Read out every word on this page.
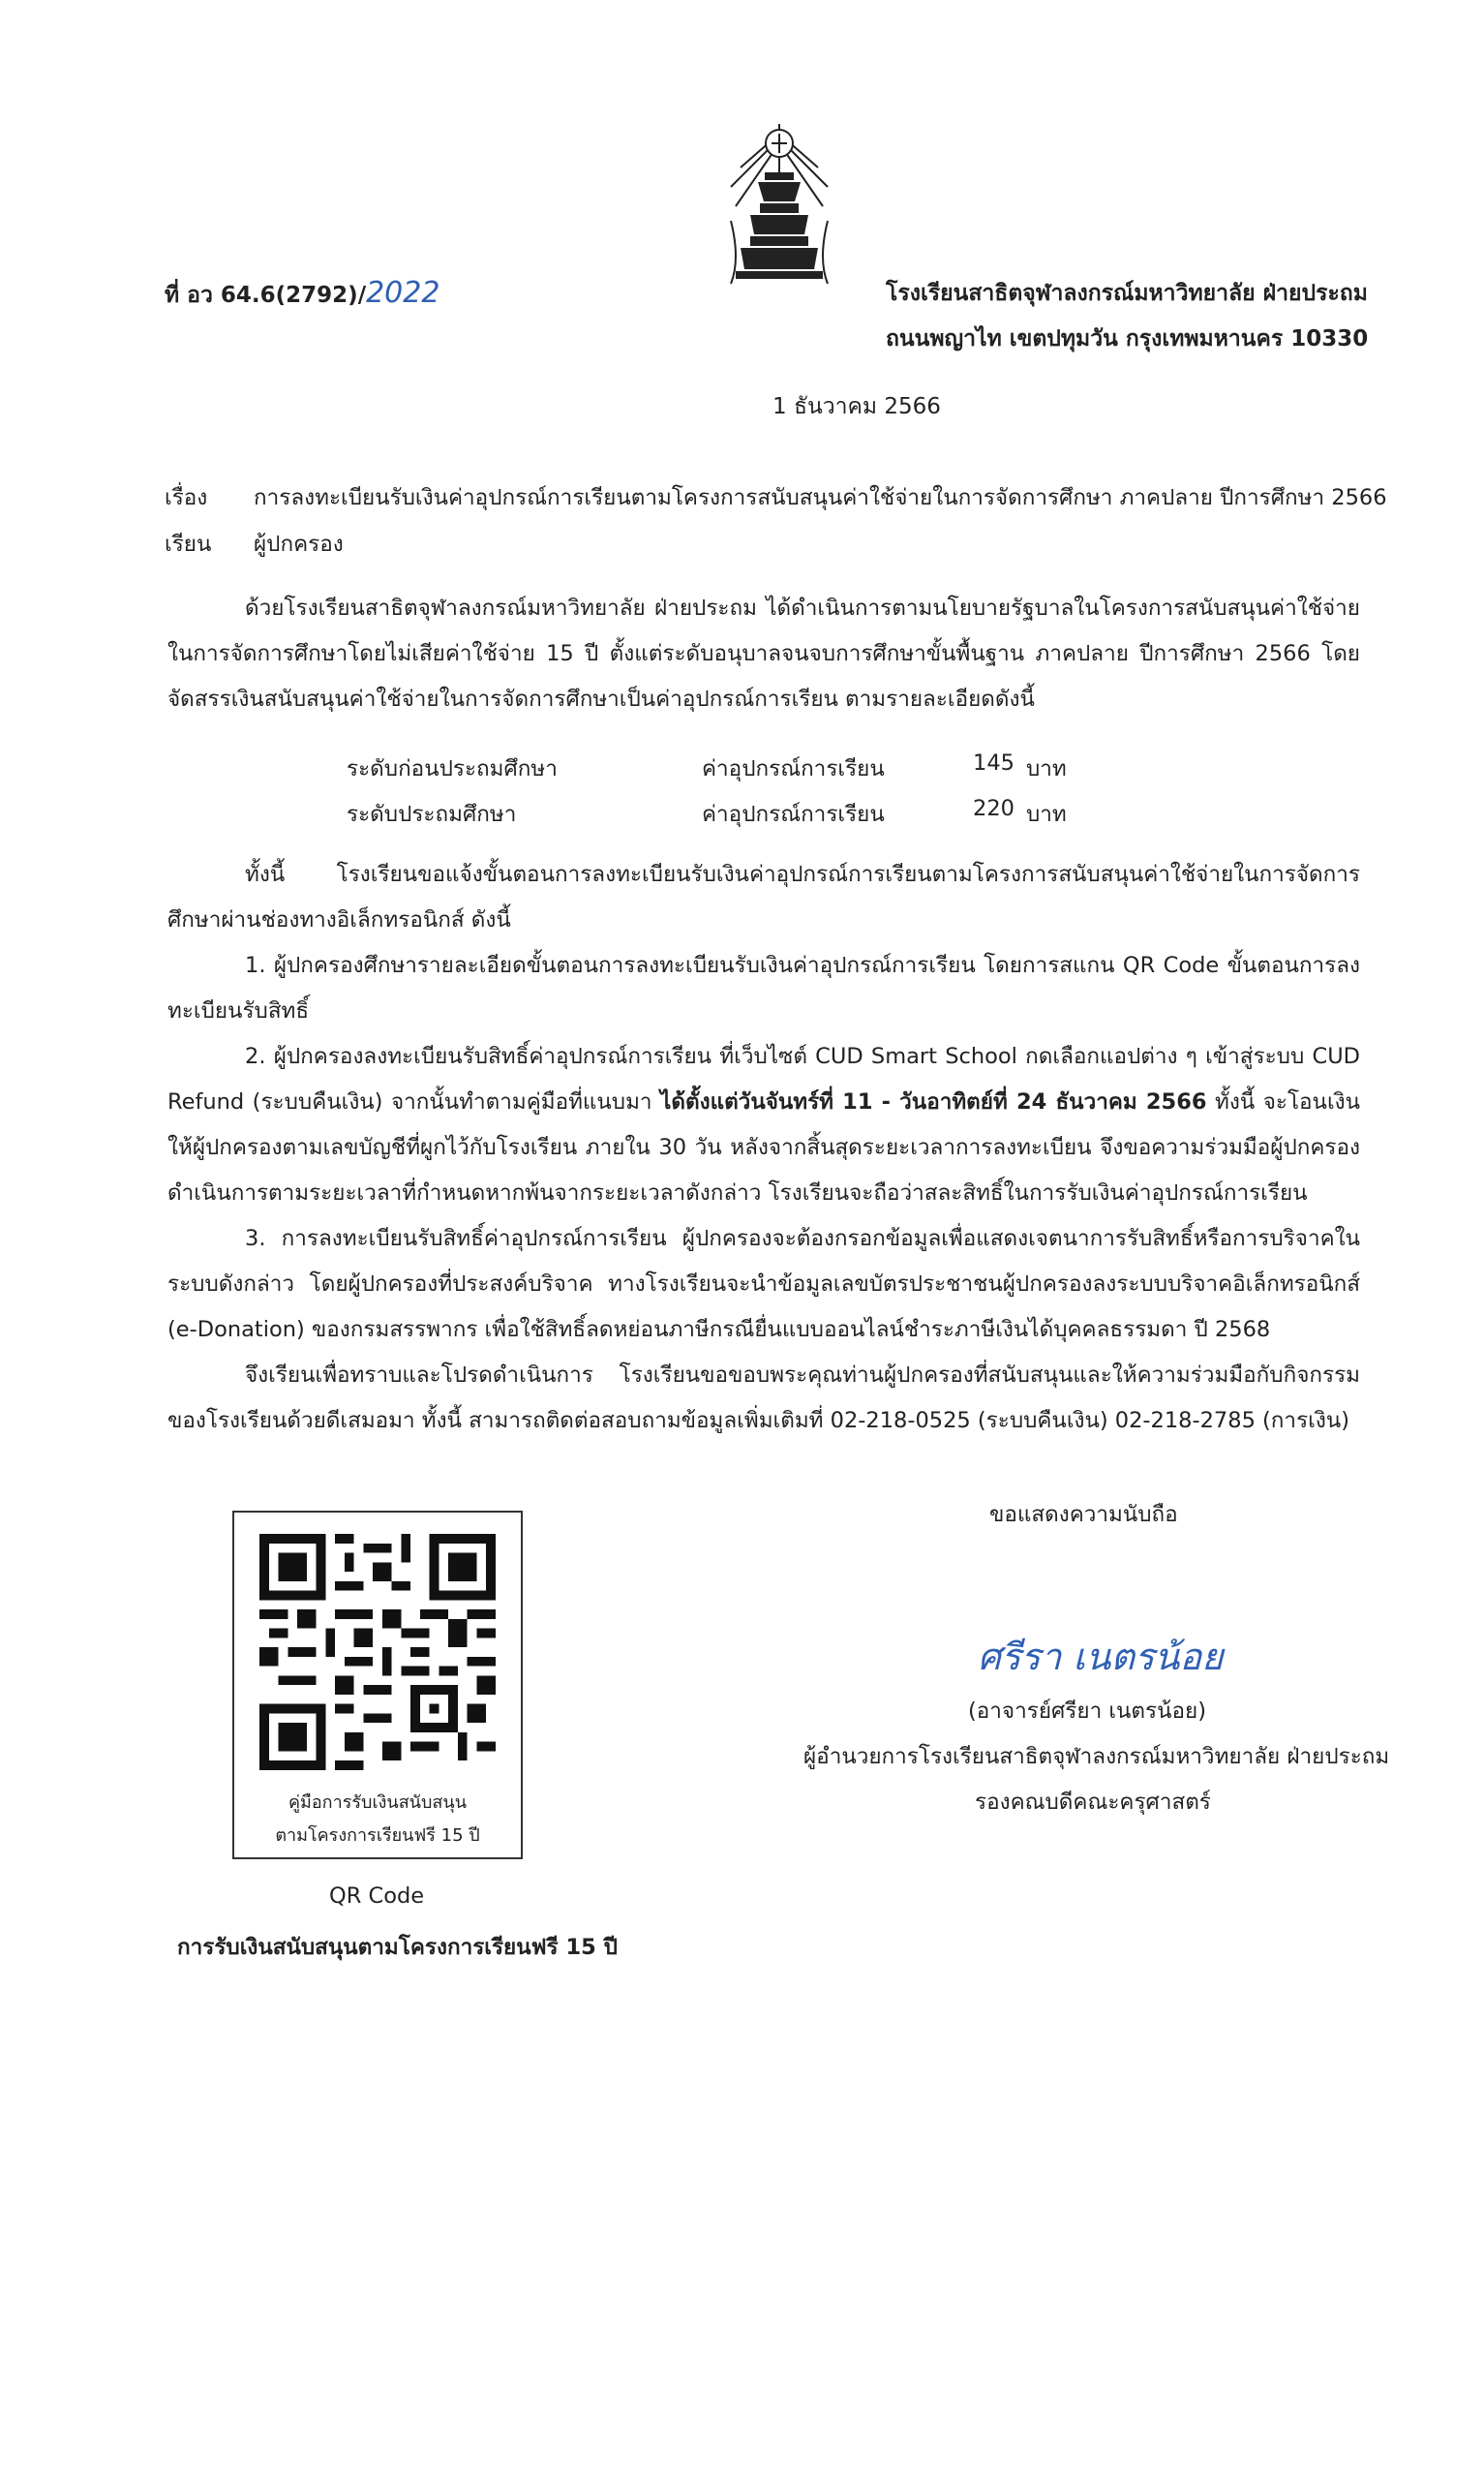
ที่ อว 64.6(2792)/2022	โรงเรียนสาธิตจุฬาลงกรณ์มหาวิทยาลัย ฝ่ายประถม
ถนนพญาไท เขตปทุมวัน กรุงเทพมหานคร 10330
1 ธันวาคม 2566
เรื่อง การลงทะเบียนรับเงินค่าอุปกรณ์การเรียนตามโครงการสนับสนุนค่าใช้จ่ายในการจัดการศึกษา ภาคปลาย ปีการศึกษา 2566
เรียน ผู้ปกครอง

ด้วยโรงเรียนสาธิตจุฬาลงกรณ์มหาวิทยาลัย ฝ่ายประถม ได้ดำเนินการตามนโยบายรัฐบาลในโครงการสนับสนุนค่าใช้จ่ายในการจัดการศึกษาโดยไม่เสียค่าใช้จ่าย 15 ปี ตั้งแต่ระดับอนุบาลจนจบการศึกษาขั้นพื้นฐาน ภาคปลาย ปีการศึกษา 2566 โดยจัดสรรเงินสนับสนุนค่าใช้จ่ายในการจัดการศึกษาเป็นค่าอุปกรณ์การเรียน ตามรายละเอียดดังนี้

ระดับก่อนประถมศึกษา	ค่าอุปกรณ์การเรียน	145 บาท
ระดับประถมศึกษา	ค่าอุปกรณ์การเรียน	220 บาท

ทั้งนี้ โรงเรียนขอแจ้งขั้นตอนการลงทะเบียนรับเงินค่าอุปกรณ์การเรียนตามโครงการสนับสนุนค่าใช้จ่ายในการจัดการศึกษาผ่านช่องทางอิเล็กทรอนิกส์ ดังนี้

1. ผู้ปกครองศึกษารายละเอียดขั้นตอนการลงทะเบียนรับเงินค่าอุปกรณ์การเรียน โดยการสแกน QR Code ขั้นตอนการลงทะเบียนรับสิทธิ์

2. ผู้ปกครองลงทะเบียนรับสิทธิ์ค่าอุปกรณ์การเรียน ที่เว็บไซต์ CUD Smart School กดเลือกแอปต่าง ๆ เข้าสู่ระบบ CUD Refund (ระบบคืนเงิน) จากนั้นทำตามคู่มือที่แนบมา ได้ตั้งแต่วันจันทร์ที่ 11 - วันอาทิตย์ที่ 24 ธันวาคม 2566 ทั้งนี้ จะโอนเงินให้ผู้ปกครองตามเลขบัญชีที่ผูกไว้กับโรงเรียน ภายใน 30 วัน หลังจากสิ้นสุดระยะเวลาการลงทะเบียน จึงขอความร่วมมือผู้ปกครองดำเนินการตามระยะเวลาที่กำหนดหากพ้นจากระยะเวลาดังกล่าว โรงเรียนจะถือว่าสละสิทธิ์ในการรับเงินค่าอุปกรณ์การเรียน

3. การลงทะเบียนรับสิทธิ์ค่าอุปกรณ์การเรียน ผู้ปกครองจะต้องกรอกข้อมูลเพื่อแสดงเจตนาการรับสิทธิ์หรือการบริจาคในระบบดังกล่าว โดยผู้ปกครองที่ประสงค์บริจาค ทางโรงเรียนจะนำข้อมูลเลขบัตรประชาชนผู้ปกครองลงระบบบริจาคอิเล็กทรอนิกส์ (e-Donation) ของกรมสรรพากร เพื่อใช้สิทธิ์ลดหย่อนภาษีกรณียื่นแบบออนไลน์ชำระภาษีเงินได้บุคคลธรรมดา ปี 2568

จึงเรียนเพื่อทราบและโปรดดำเนินการ โรงเรียนขอขอบพระคุณท่านผู้ปกครองที่สนับสนุนและให้ความร่วมมือกับกิจกรรมของโรงเรียนด้วยดีเสมอมา ทั้งนี้ สามารถติดต่อสอบถามข้อมูลเพิ่มเติมที่ 02-218-0525 (ระบบคืนเงิน) 02-218-2785 (การเงิน)

ขอแสดงความนับถือ
ศรีรา เนตรน้อย
(อาจารย์ศรียา เนตรน้อย)
ผู้อำนวยการโรงเรียนสาธิตจุฬาลงกรณ์มหาวิทยาลัย ฝ่ายประถม
รองคณบดีคณะครุศาสตร์
คู่มือการรับเงินสนับสนุน
ตามโครงการเรียนฟรี 15 ปี
QR Code
การรับเงินสนับสนุนตามโครงการเรียนฟรี 15 ปี
